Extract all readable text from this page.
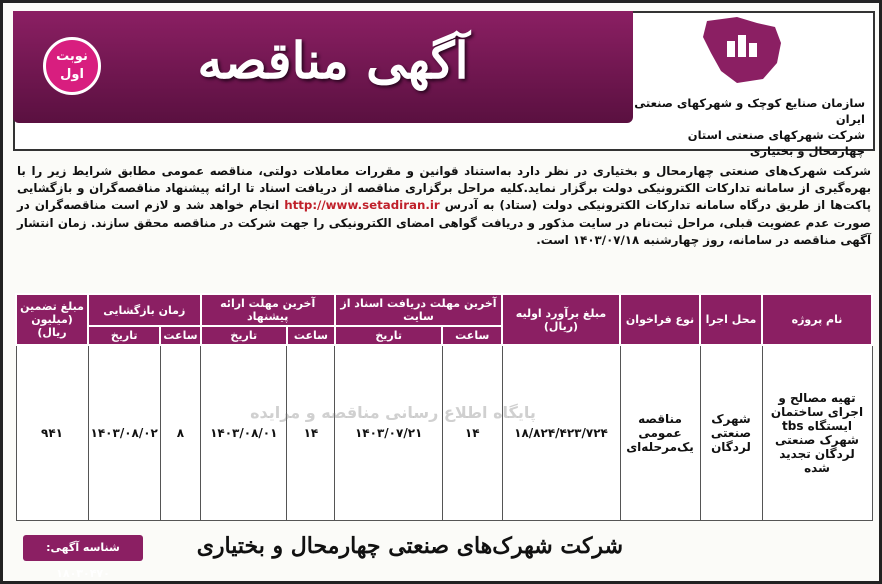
نوبت اول	آگهی مناقصه
سازمان صنایع کوچک و شهرکهای صنعتی ایران
شرکت شهرکهای صنعتی استان
چهارمحال و بختیاری
شرکت شهرک‌های صنعتی چهارمحال و بختیاری در نظر دارد به‌استناد قوانین و مقررات معاملات دولتی، مناقصه عمومی مطابق شرایط زیر را با بهره‌گیری از سامانه تدارکات الکترونیکی دولت برگزار نماید.کلیه مراحل برگزاری مناقصه از دریافت اسناد تا ارائه پیشنهاد مناقصه‌گران و بازگشایی پاکت‌ها از طریق درگاه سامانه تدارکات الکترونیکی دولت (ستاد) به آدرس http://www.setadiran.ir انجام خواهد شد و لازم است مناقصه‌گران در صورت عدم عضویت قبلی، مراحل ثبت‌نام در سایت مذکور و دریافت گواهی امضای الکترونیکی را جهت شرکت در مناقصه محقق سازند. زمان انتشار آگهی مناقصه در سامانه، روز چهارشنبه ۱۴۰۳/۰۷/۱۸ است.
نام پروژه	محل اجرا	نوع فراخوان	مبلغ برآورد اولیه (ریال)	آخرین مهلت دریافت اسناد از سایت		آخرین مهلت ارائه پیشنهاد		زمان بازگشایی		مبلغ تضمین (میلیون ریال)
				ساعت	تاریخ	ساعت	تاریخ	ساعت	تاریخ	
تهیه مصالح و اجرای ساختمان ایستگاه tbs شهرک صنعتی لردگان تجدید شده	شهرک صنعتی لردگان	مناقصه عمومی یک‌مرحله‌ای	۱۸/۸۲۴/۴۲۳/۷۲۴	۱۴	۱۴۰۳/۰۷/۲۱	۱۴	۱۴۰۳/۰۸/۰۱	۸	۱۴۰۳/۰۸/۰۲	۹۴۱
پایگاه اطلاع رسانی مناقصه و مزایده
شرکت شهرک‌های صنعتی چهارمحال و بختیاری
شناسه آگهی: ۱۸۰۳۰۴۷۰
